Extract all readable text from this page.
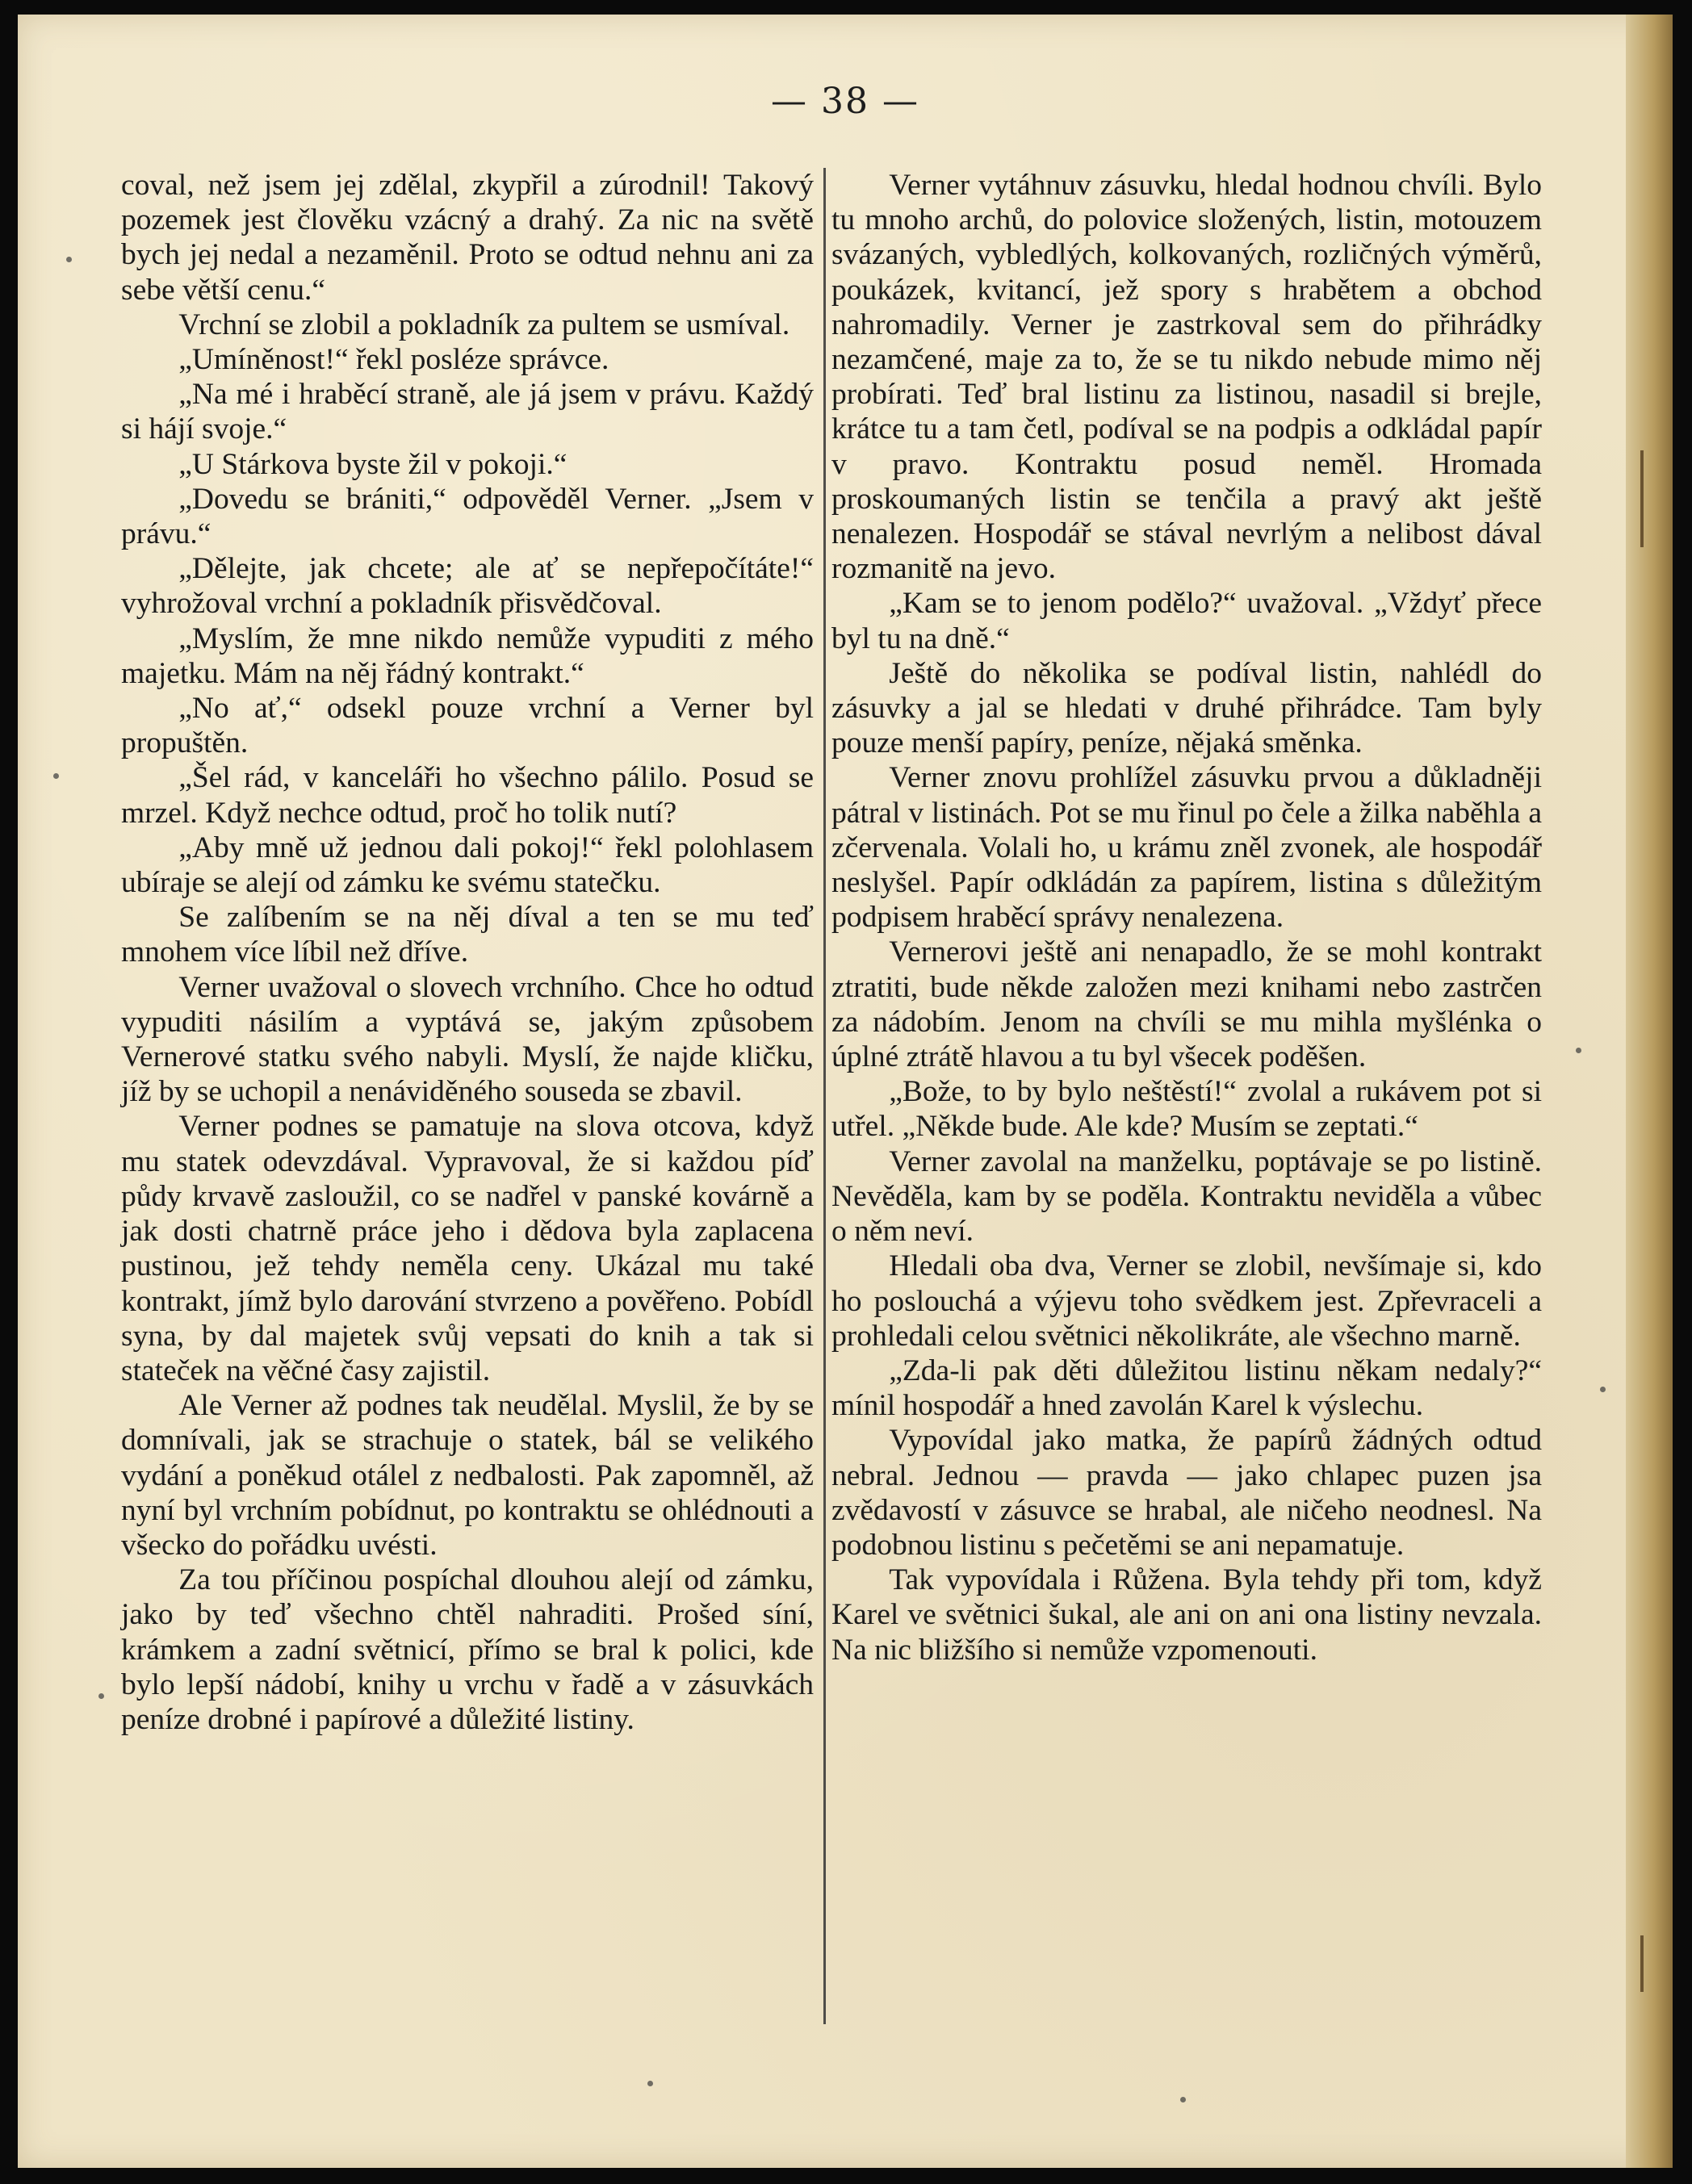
— 38 —

coval, než jsem jej zdělal, zkypřil a zúrodnil! Takový pozemek jest člověku vzácný a drahý. Za nic na světě bych jej nedal a nezaměnil. Proto se odtud nehnu ani za sebe větší cenu.“

Vrchní se zlobil a pokladník za pultem se usmíval.

„Umíněnost!“ řekl posléze správce.

„Na mé i hraběcí straně, ale já jsem v právu. Každý si hájí svoje.“

„U Stárkova byste žil v pokoji.“

„Dovedu se brániti,“ odpověděl Verner. „Jsem v právu.“

„Dělejte, jak chcete; ale ať se nepřepočítáte!“ vyhrožoval vrchní a pokladník přisvědčoval.

„Myslím, že mne nikdo nemůže vypuditi z mého majetku. Mám na něj řádný kontrakt.“

„No ať,“ odsekl pouze vrchní a Verner byl propuštěn.

„Šel rád, v kanceláři ho všechno pálilo. Posud se mrzel. Když nechce odtud, proč ho tolik nutí?

„Aby mně už jednou dali pokoj!“ řekl polohlasem ubíraje se alejí od zámku ke svému statečku.

Se zalíbením se na něj díval a ten se mu teď mnohem více líbil než dříve.

Verner uvažoval o slovech vrchního. Chce ho odtud vypuditi násilím a vyptává se, jakým způsobem Vernerové statku svého nabyli. Myslí, že najde kličku, jíž by se uchopil a nenáviděného souseda se zbavil.

Verner podnes se pamatuje na slova otcova, když mu statek odevzdával. Vypravoval, že si každou píď půdy krvavě zasloužil, co se nadřel v panské kovárně a jak dosti chatrně práce jeho i dědova byla zaplacena pustinou, jež tehdy neměla ceny. Ukázal mu také kontrakt, jímž bylo darování stvrzeno a pověřeno. Pobídl syna, by dal majetek svůj vepsati do knih a tak si stateček na věčné časy zajistil.

Ale Verner až podnes tak neudělal. Myslil, že by se domnívali, jak se strachuje o statek, bál se velikého vydání a poněkud otálel z nedbalosti. Pak zapomněl, až nyní byl vrchním pobídnut, po kontraktu se ohlédnouti a všecko do pořádku uvésti.

Za tou příčinou pospíchal dlouhou alejí od zámku, jako by teď všechno chtěl nahraditi. Prošed síní, krámkem a zadní světnicí, přímo se bral k polici, kde bylo lepší nádobí, knihy u vrchu v řadě a v zásuvkách peníze drobné i papírové a důležité listiny.

Verner vytáhnuv zásuvku, hledal hodnou chvíli. Bylo tu mnoho archů, do polovice složených, listin, motouzem svázaných, vybledlých, kolkovaných, rozličných výměrů, poukázek, kvitancí, jež spory s hrabětem a obchod nahromadily. Verner je zastrkoval sem do přihrádky nezamčené, maje za to, že se tu nikdo nebude mimo něj probírati. Teď bral listinu za listinou, nasadil si brejle, krátce tu a tam četl, podíval se na podpis a odkládal papír v pravo. Kontraktu posud neměl. Hromada proskoumaných listin se tenčila a pravý akt ještě nenalezen. Hospodář se stával nevrlým a nelibost dával rozmanitě na jevo.

„Kam se to jenom podělo?“ uvažoval. „Vždyť přece byl tu na dně.“

Ještě do několika se podíval listin, nahlédl do zásuvky a jal se hledati v druhé přihrádce. Tam byly pouze menší papíry, peníze, nějaká směnka.

Verner znovu prohlížel zásuvku prvou a důkladněji pátral v listinách. Pot se mu řinul po čele a žilka naběhla a zčervenala. Volali ho, u krámu zněl zvonek, ale hospodář neslyšel. Papír odkládán za papírem, listina s důležitým podpisem hraběcí správy nenalezena.

Vernerovi ještě ani nenapadlo, že se mohl kontrakt ztratiti, bude někde založen mezi knihami nebo zastrčen za nádobím. Jenom na chvíli se mu mihla myšlénka o úplné ztrátě hlavou a tu byl všecek poděšen.

„Bože, to by bylo neštěstí!“ zvolal a rukávem pot si utřel. „Někde bude. Ale kde? Musím se zeptati.“

Verner zavolal na manželku, poptávaje se po listině. Nevěděla, kam by se poděla. Kontraktu neviděla a vůbec o něm neví.

Hledali oba dva, Verner se zlobil, nevšímaje si, kdo ho poslouchá a výjevu toho svědkem jest. Zpřevraceli a prohledali celou světnici několikráte, ale všechno marně.

„Zda-li pak děti důležitou listinu někam nedaly?“ mínil hospodář a hned zavolán Karel k výslechu.

Vypovídal jako matka, že papírů žádných odtud nebral. Jednou — pravda — jako chlapec puzen jsa zvědavostí v zásuvce se hrabal, ale ničeho neodnesl. Na podobnou listinu s pečetěmi se ani nepamatuje.

Tak vypovídala i Růžena. Byla tehdy při tom, když Karel ve světnici šukal, ale ani on ani ona listiny nevzala. Na nic bližšího si nemůže vzpomenouti.
